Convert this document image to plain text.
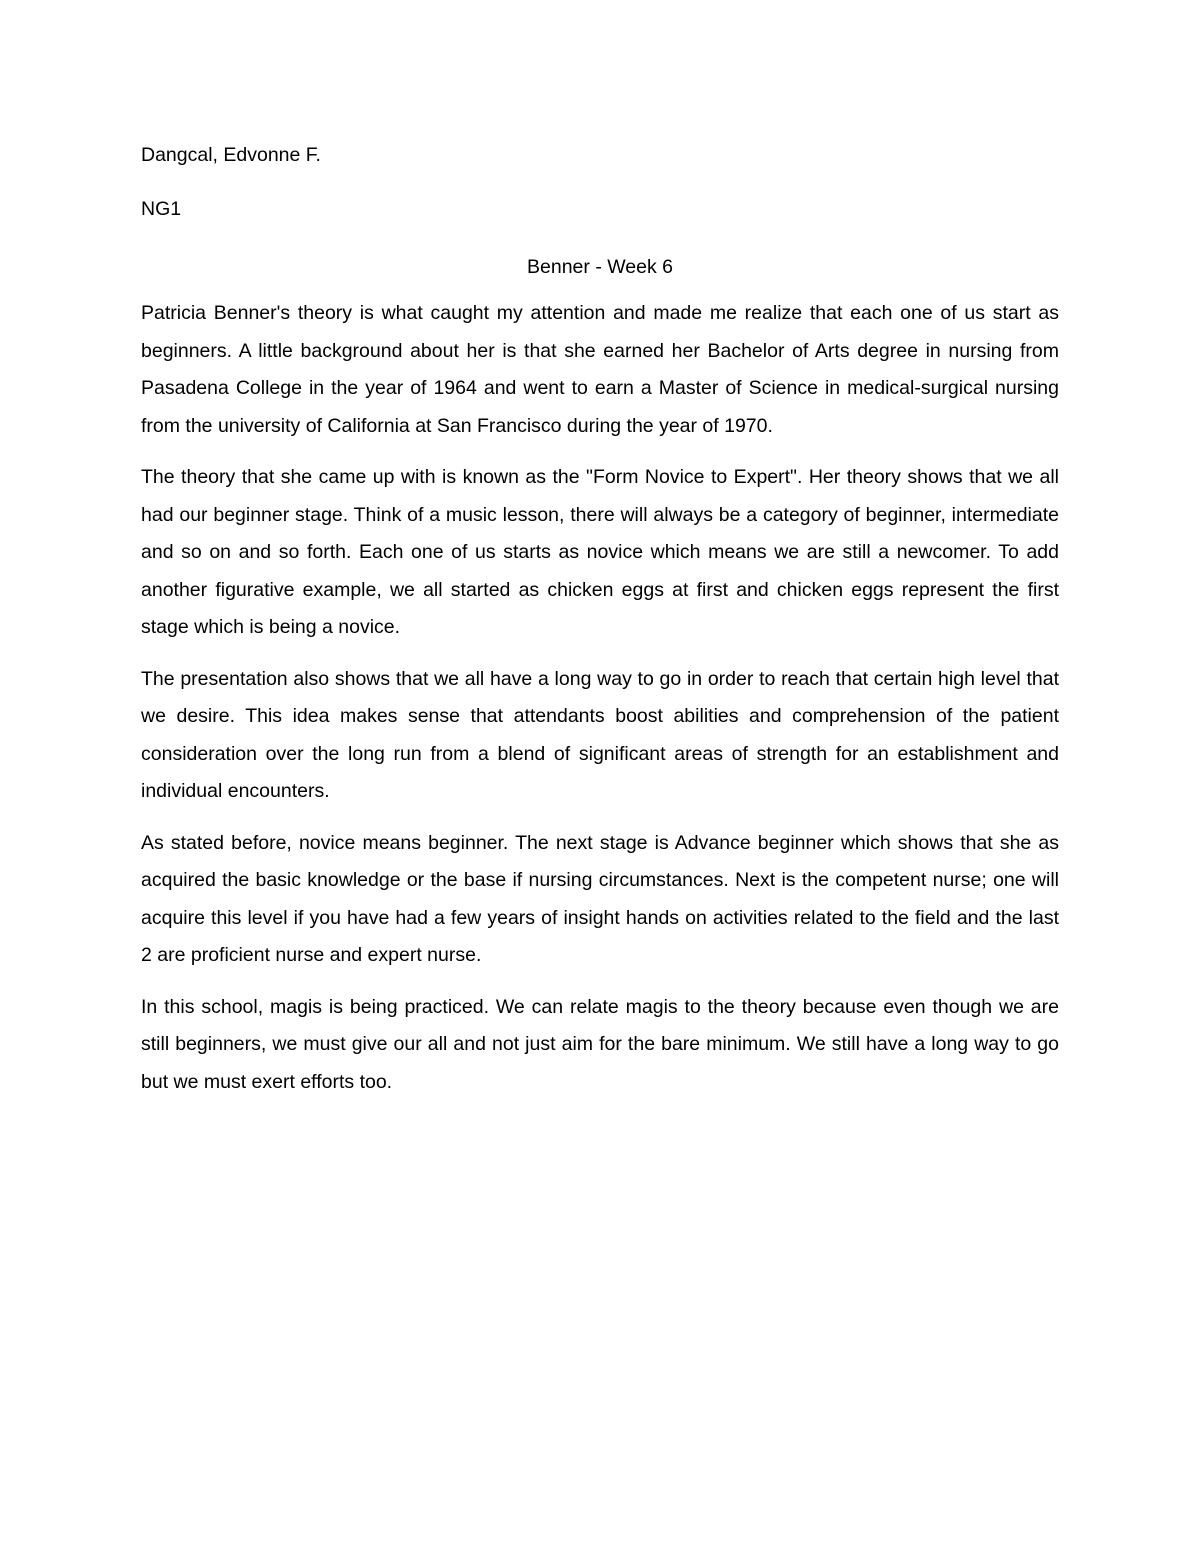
Dangcal, Edvonne F.

NG1

Benner - Week 6

Patricia Benner's theory is what caught my attention and made me realize that each one of us start as beginners. A little background about her is that she earned her Bachelor of Arts degree in nursing from Pasadena College in the year of 1964 and went to earn a Master of Science in medical-surgical nursing from the university of California at San Francisco during the year of 1970.

The theory that she came up with is known as the "Form Novice to Expert". Her theory shows that we all had our beginner stage. Think of a music lesson, there will always be a category of beginner, intermediate and so on and so forth. Each one of us starts as novice which means we are still a newcomer. To add another figurative example, we all started as chicken eggs at first and chicken eggs represent the first stage which is being a novice.

The presentation also shows that we all have a long way to go in order to reach that certain high level that we desire. This idea makes sense that attendants boost abilities and comprehension of the patient consideration over the long run from a blend of significant areas of strength for an establishment and individual encounters.

As stated before, novice means beginner. The next stage is Advance beginner which shows that she as acquired the basic knowledge or the base if nursing circumstances. Next is the competent nurse; one will acquire this level if you have had a few years of insight hands on activities related to the field and the last 2 are proficient nurse and expert nurse.

In this school, magis is being practiced. We can relate magis to the theory because even though we are still beginners, we must give our all and not just aim for the bare minimum. We still have a long way to go but we must exert efforts too.
